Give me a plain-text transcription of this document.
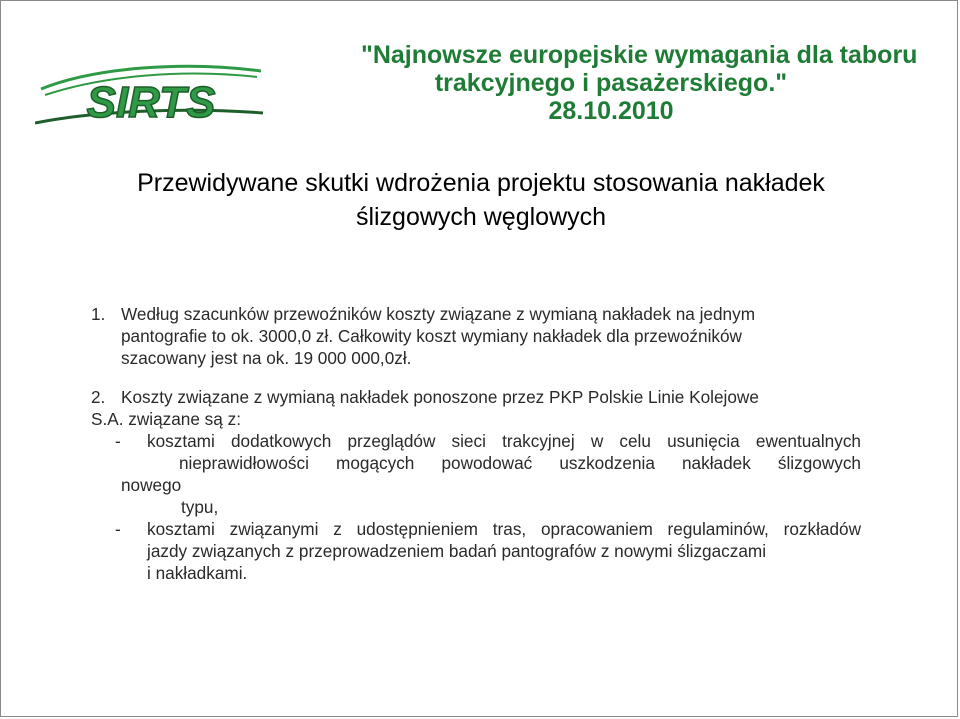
SIRTS
"Najnowsze europejskie wymagania dla taboru
trakcyjnego i pasażerskiego."
28.10.2010
Przewidywane skutki wdrożenia projektu stosowania nakładek
ślizgowych węglowych
1. Według szacunków przewoźników koszty związane z wymianą nakładek na jednym
pantografie to ok. 3000,0 zł. Całkowity koszt wymiany nakładek dla przewoźników
szacowany jest na ok. 19 000 000,0zł.
2. Koszty związane z wymianą nakładek ponoszone przez PKP Polskie Linie Kolejowe
S.A. związane są z:
-	kosztami dodatkowych przeglądów sieci trakcyjnej w celu usunięcia ewentualnych
nieprawidłowości mogących powodować uszkodzenia nakładek ślizgowych
nowego
typu,
-	kosztami związanymi z udostępnieniem tras, opracowaniem regulaminów, rozkładów
jazdy związanych z przeprowadzeniem badań pantografów z nowymi ślizgaczami
i nakładkami.
